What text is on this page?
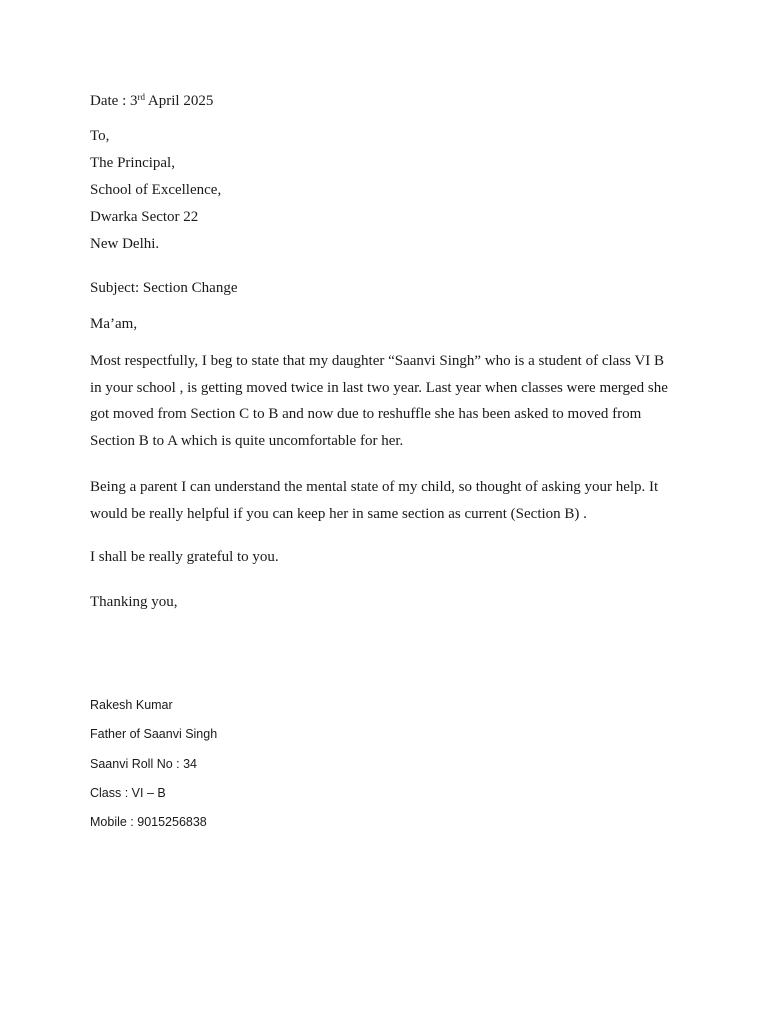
Date : 3rd April 2025
To,
The Principal,
School of Excellence,
Dwarka Sector 22
New Delhi.
Subject: Section Change
Ma’am,
Most respectfully, I beg to state that my daughter “Saanvi Singh” who is a student of class VI B
in your school , is getting moved twice in last two year. Last year when classes were merged she
got moved from Section C to B and now due to reshuffle she has been asked to moved from
Section B to A which is quite uncomfortable for her.
Being a parent I can understand the mental state of my child, so thought of asking your help. It
would be really helpful if you can keep her in same section as current (Section B) .
I shall be really grateful to you.
Thanking you,
Rakesh Kumar
Father of Saanvi Singh
Saanvi Roll No : 34
Class : VI – B
Mobile : 9015256838
